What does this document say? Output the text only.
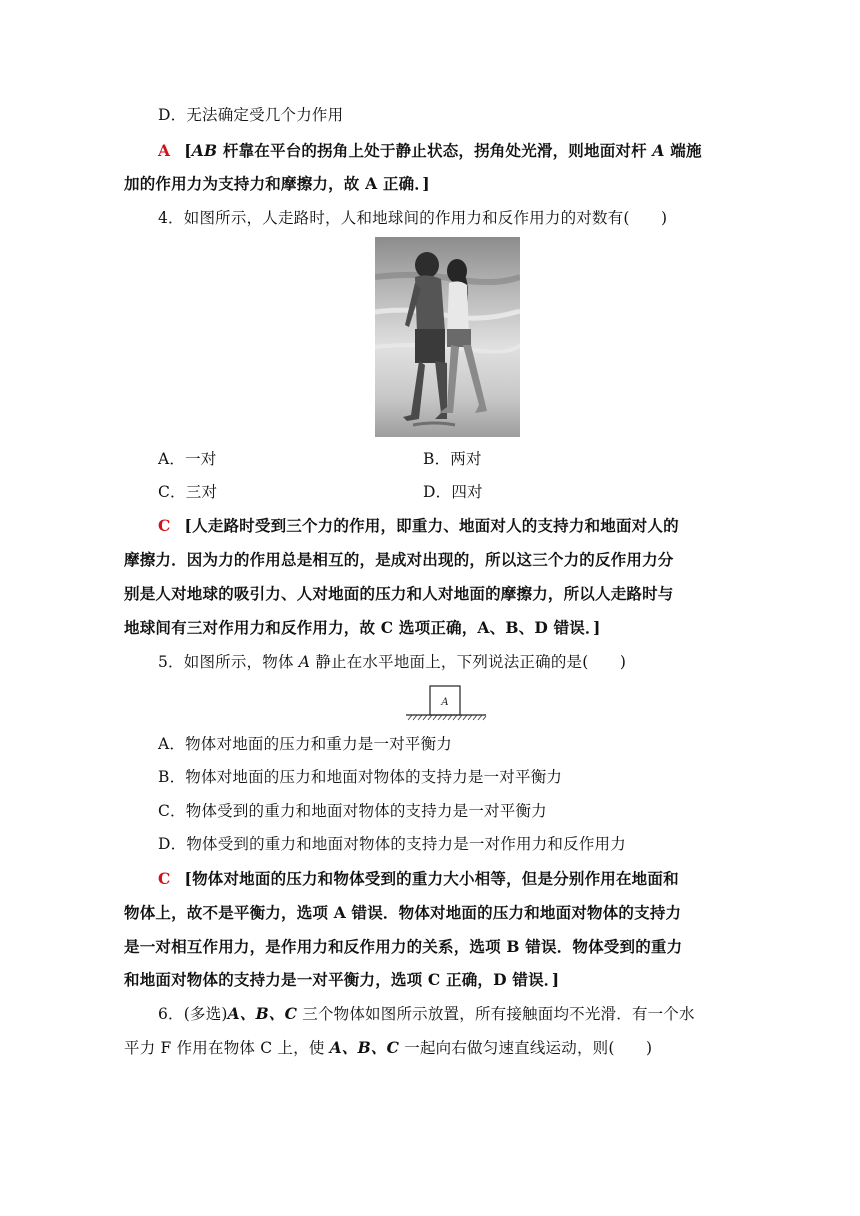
D．无法确定受几个力作用
A [AB 杆靠在平台的拐角上处于静止状态，拐角处光滑，则地面对杆 A 端施
加的作用力为支持力和摩擦力，故 A 正确．]
4．如图所示，人走路时，人和地球间的作用力和反作用力的对数有(　　)
A．一对	B．两对
C．三对	D．四对
C [人走路时受到三个力的作用，即重力、地面对人的支持力和地面对人的
摩擦力．因为力的作用总是相互的，是成对出现的，所以这三个力的反作用力分
别是人对地球的吸引力、人对地面的压力和人对地面的摩擦力，所以人走路时与
地球间有三对作用力和反作用力，故 C 选项正确，A、B、D 错误．]
5．如图所示，物体 A 静止在水平地面上，下列说法正确的是(　　)
A
A．物体对地面的压力和重力是一对平衡力
B．物体对地面的压力和地面对物体的支持力是一对平衡力
C．物体受到的重力和地面对物体的支持力是一对平衡力
D．物体受到的重力和地面对物体的支持力是一对作用力和反作用力
C [物体对地面的压力和物体受到的重力大小相等，但是分别作用在地面和
物体上，故不是平衡力，选项 A 错误．物体对地面的压力和地面对物体的支持力
是一对相互作用力，是作用力和反作用力的关系，选项 B 错误．物体受到的重力
和地面对物体的支持力是一对平衡力，选项 C 正确，D 错误．]
6．(多选)A、B、C 三个物体如图所示放置，所有接触面均不光滑．有一个水
平力 F 作用在物体 C 上，使 A、B、C 一起向右做匀速直线运动，则(　　)
